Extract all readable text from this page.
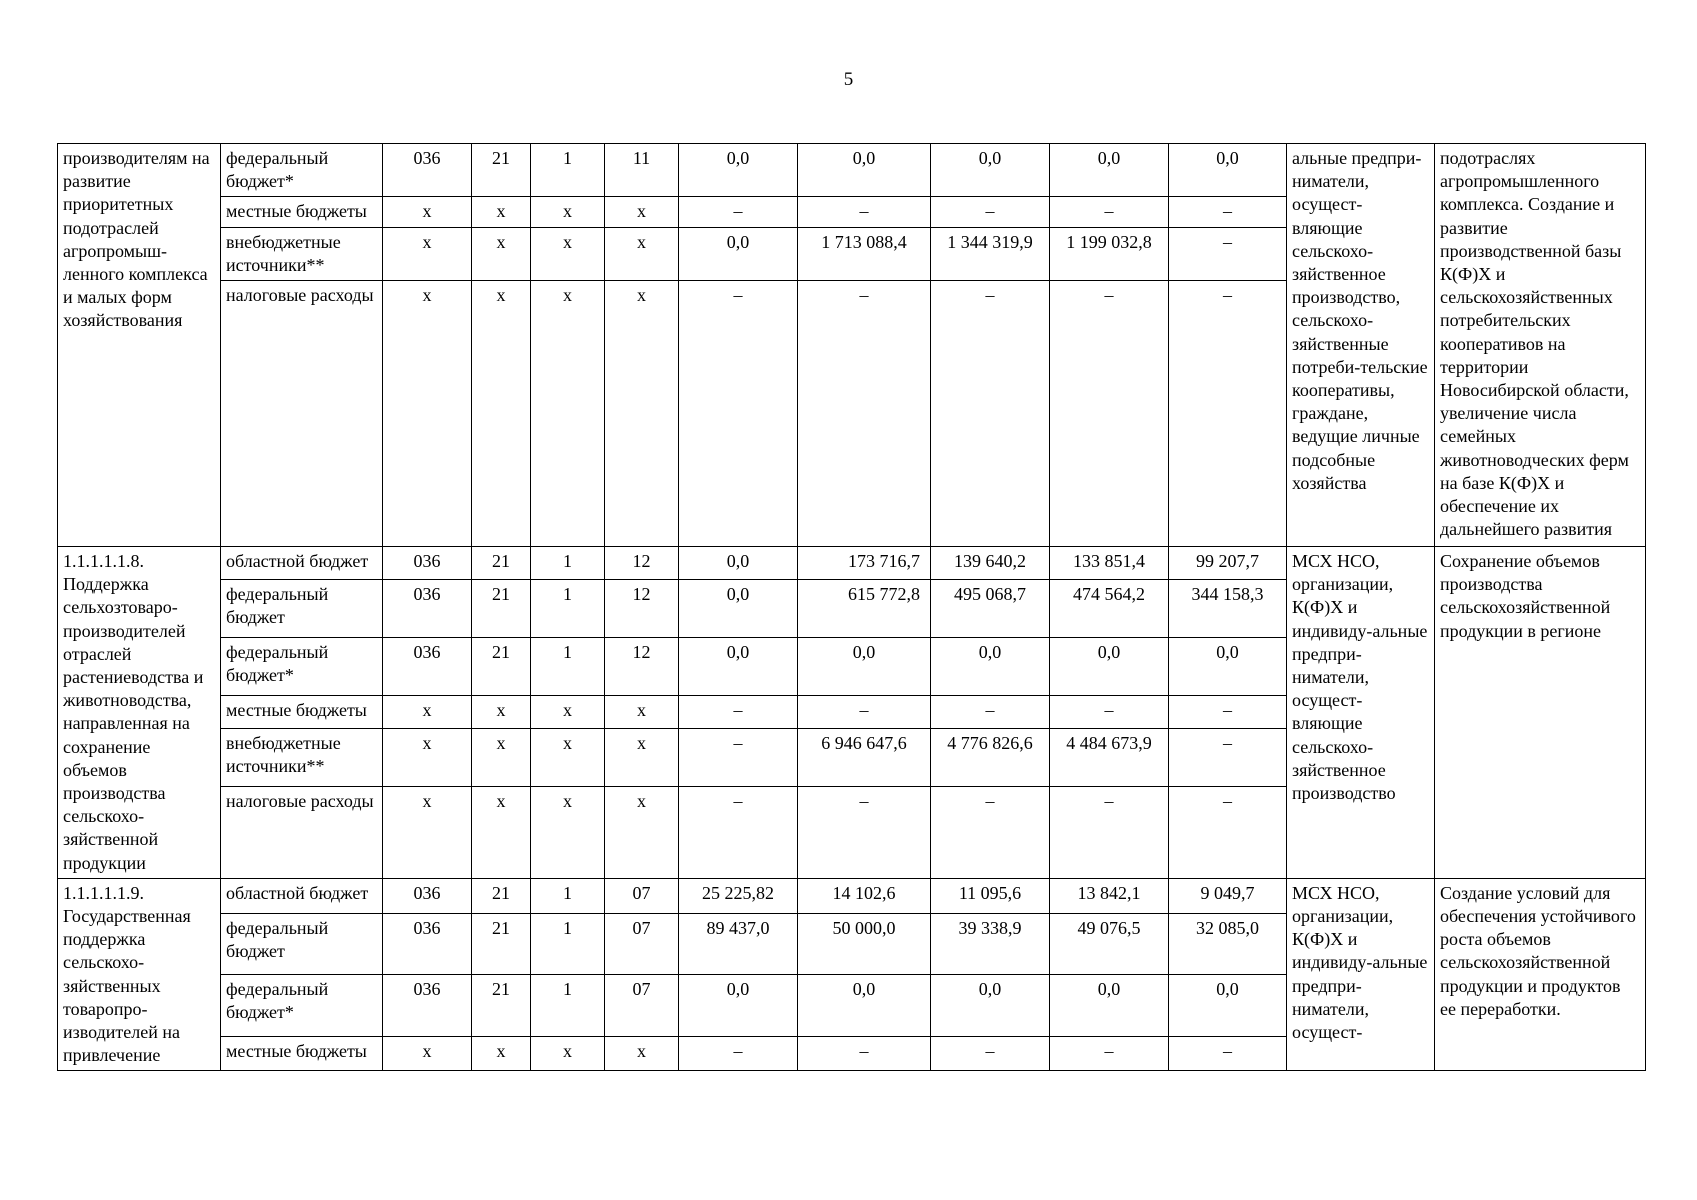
5
производителям на развитие приоритетных подотраслей агропромыш-ленного комплекса и малых форм хозяйствования	федеральный бюджет*	036	21	1	11	0,0	0,0	0,0	0,0	0,0	альные предпри-ниматели, осущест-вляющие сельскохо-зяйственное производство, сельскохо-зяйственные потреби-тельские кооперативы, граждане, ведущие личные подсобные хозяйства	подотраслях агропромышленного комплекса. Создание и развитие производственной базы К(Ф)Х и сельскохозяйственных потребительских кооперативов на территории Новосибирской области, увеличение числа семейных животноводческих ферм на базе К(Ф)Х и обеспечение их дальнейшего развития
	местные бюджеты	х	х	х	х	–	–	–	–	–		
	внебюджетные источники**	х	х	х	х	0,0	1 713 088,4	1 344 319,9	1 199 032,8	–		
	налоговые расходы	х	х	х	х	–	–	–	–	–		
1.1.1.1.1.8. Поддержка сельхозтоваро-производителей отраслей растениеводства и животноводства, направленная на сохранение объемов производства сельскохо-зяйственной продукции	областной бюджет	036	21	1	12	0,0	173 716,7	139 640,2	133 851,4	99 207,7	МСХ НСО, организации, К(Ф)Х и индивиду-альные предпри-ниматели, осущест-вляющие сельскохо-зяйственное производство	Сохранение объемов производства сельскохозяйственной продукции в регионе
	федеральный бюджет	036	21	1	12	0,0	615 772,8	495 068,7	474 564,2	344 158,3		
	федеральный бюджет*	036	21	1	12	0,0	0,0	0,0	0,0	0,0		
	местные бюджеты	х	х	х	х	–	–	–	–	–		
	внебюджетные источники**	х	х	х	х	–	6 946 647,6	4 776 826,6	4 484 673,9	–		
	налоговые расходы	х	х	х	х	–	–	–	–	–		
1.1.1.1.1.9. Государственная поддержка сельскохо-зяйственных товаропро-изводителей на привлечение	областной бюджет	036	21	1	07	25 225,82	14 102,6	11 095,6	13 842,1	9 049,7	МСХ НСО, организации, К(Ф)Х и индивиду-альные предпри-ниматели, осущест-	Создание условий для обеспечения устойчивого роста объемов сельскохозяйственной продукции и продуктов ее переработки.
	федеральный бюджет	036	21	1	07	89 437,0	50 000,0	39 338,9	49 076,5	32 085,0		
	федеральный бюджет*	036	21	1	07	0,0	0,0	0,0	0,0	0,0		
	местные бюджеты	х	х	х	х	–	–	–	–	–		
